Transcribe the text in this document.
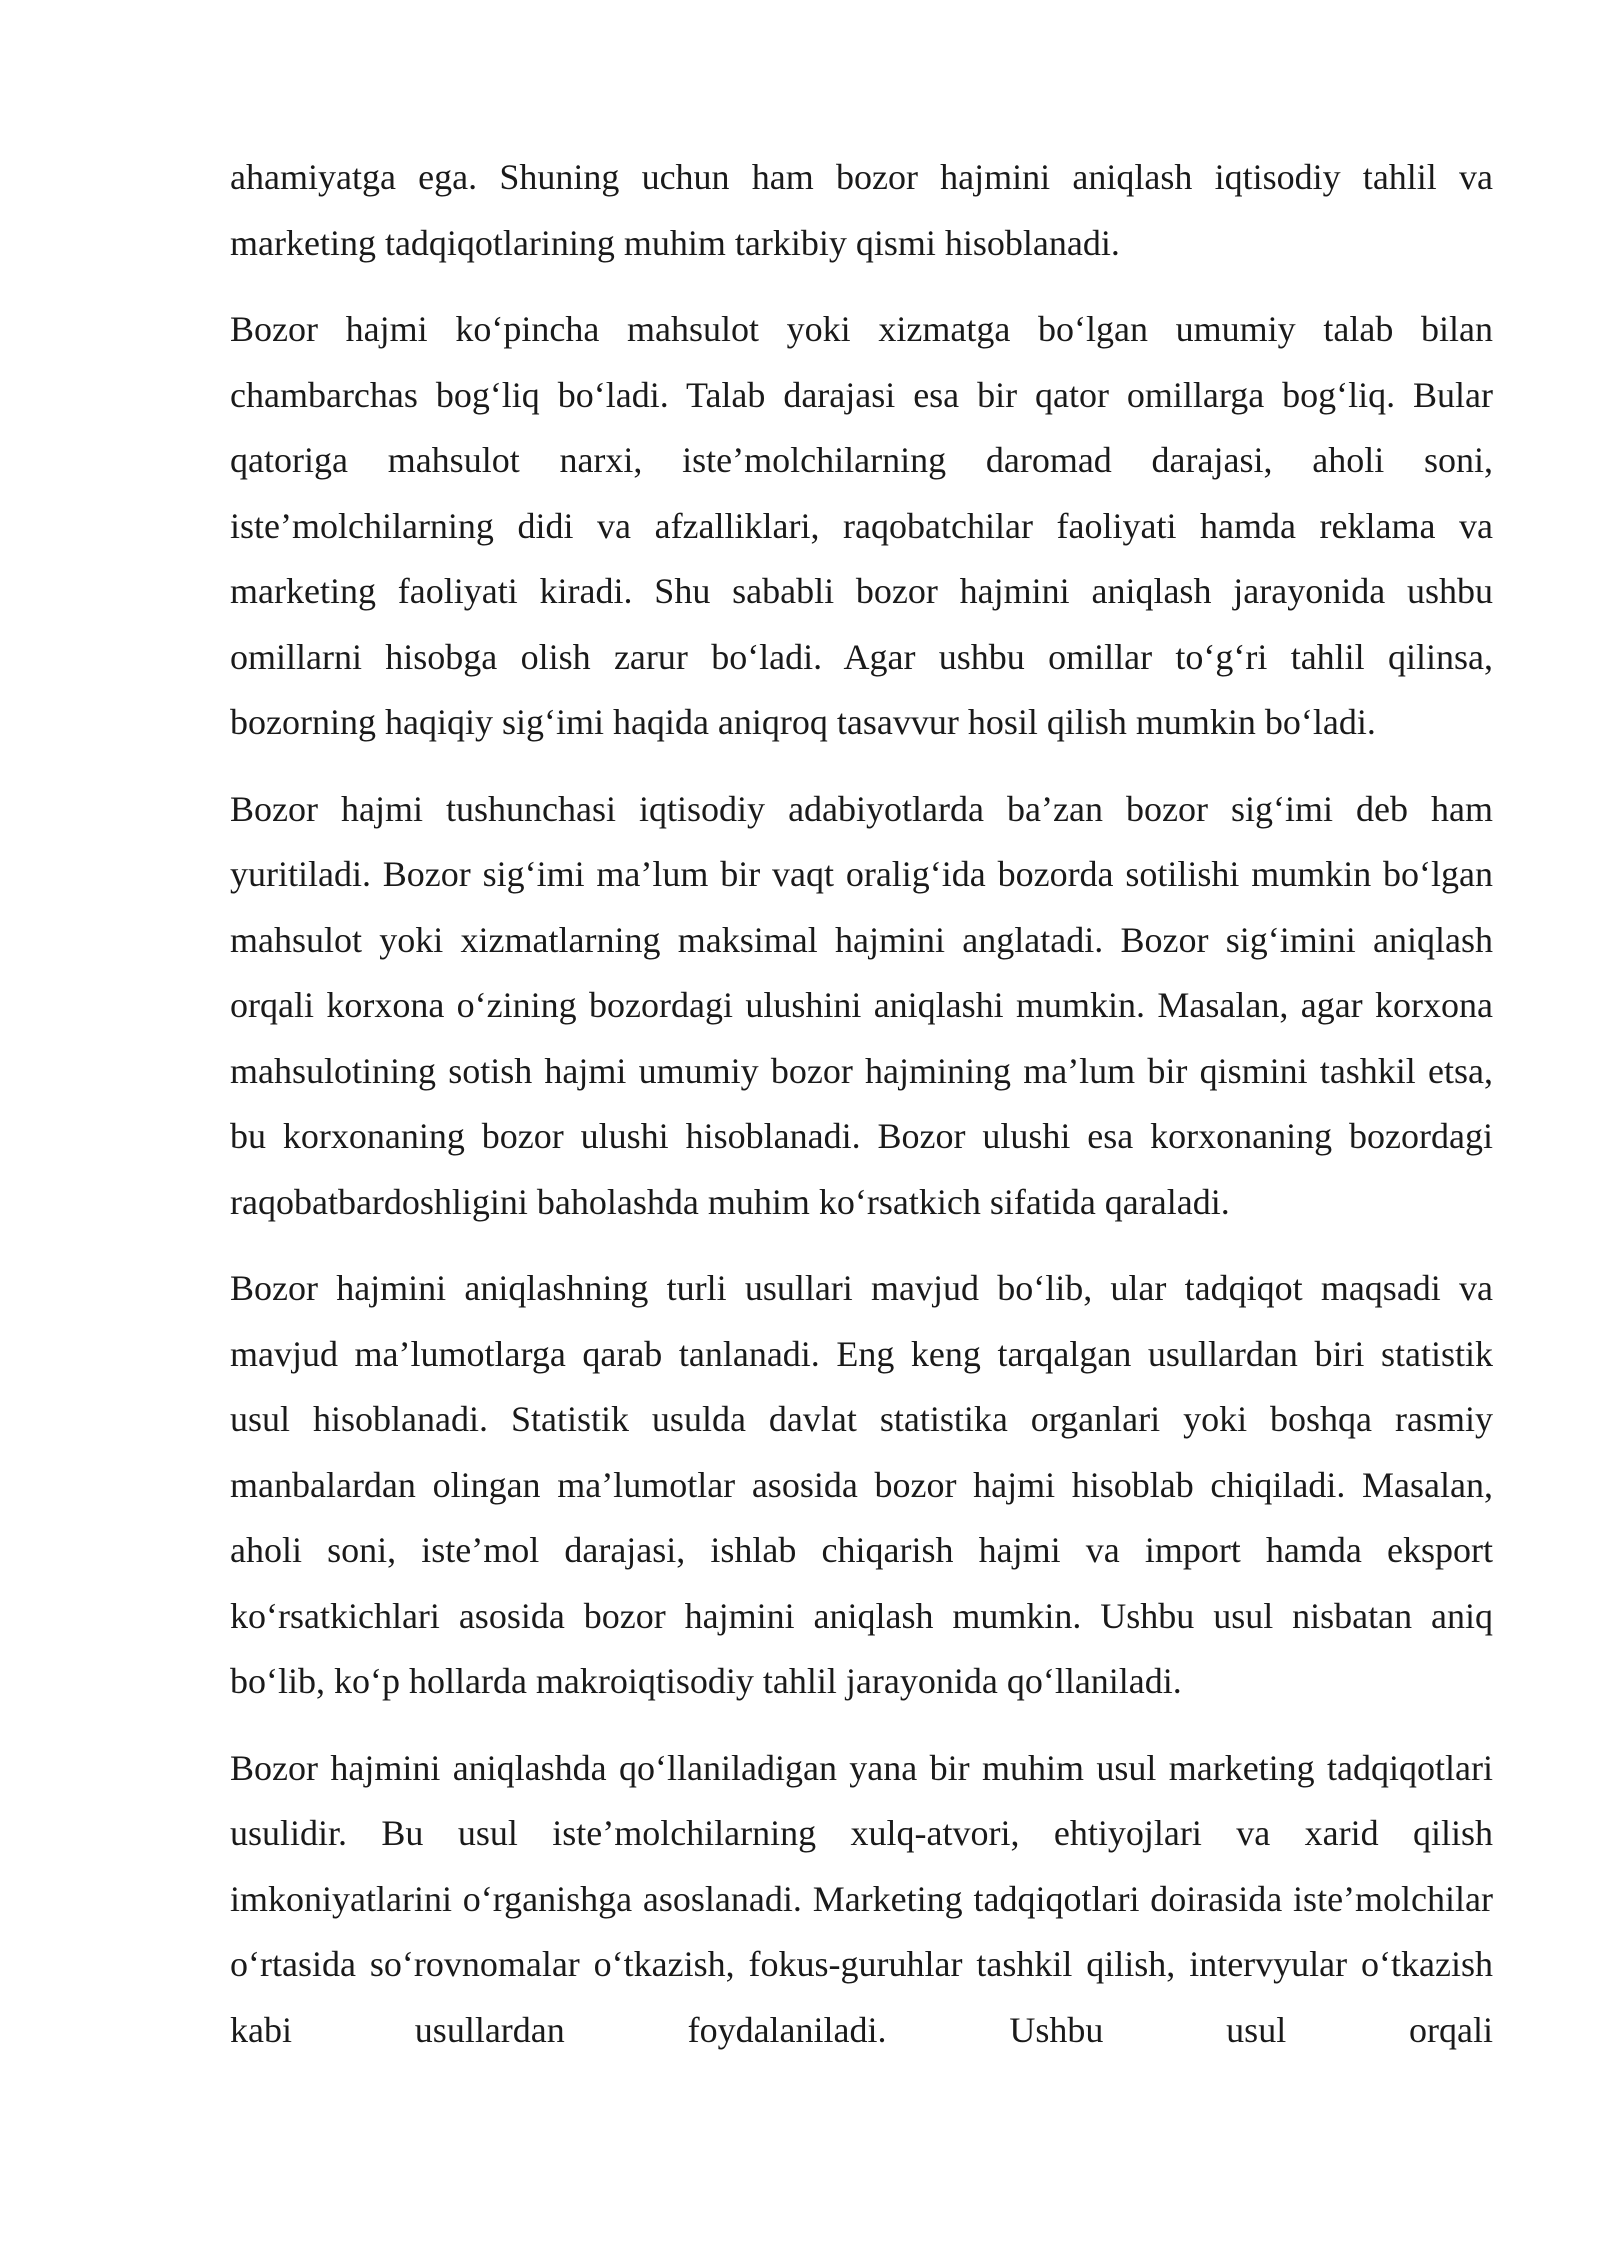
ahamiyatga ega. Shuning uchun ham bozor hajmini aniqlash iqtisodiy tahlil va marketing tadqiqotlarining muhim tarkibiy qismi hisoblanadi.

Bozor hajmi ko‘pincha mahsulot yoki xizmatga bo‘lgan umumiy talab bilan chambarchas bog‘liq bo‘ladi. Talab darajasi esa bir qator omillarga bog‘liq. Bular qatoriga mahsulot narxi, iste’molchilarning daromad darajasi, aholi soni, iste’molchilarning didi va afzalliklari, raqobatchilar faoliyati hamda reklama va marketing faoliyati kiradi. Shu sababli bozor hajmini aniqlash jarayonida ushbu omillarni hisobga olish zarur bo‘ladi. Agar ushbu omillar to‘g‘ri tahlil qilinsa, bozorning haqiqiy sig‘imi haqida aniqroq tasavvur hosil qilish mumkin bo‘ladi.

Bozor hajmi tushunchasi iqtisodiy adabiyotlarda ba’zan bozor sig‘imi deb ham yuritiladi. Bozor sig‘imi ma’lum bir vaqt oralig‘ida bozorda sotilishi mumkin bo‘lgan mahsulot yoki xizmatlarning maksimal hajmini anglatadi. Bozor sig‘imini aniqlash orqali korxona o‘zining bozordagi ulushini aniqlashi mumkin. Masalan, agar korxona mahsulotining sotish hajmi umumiy bozor hajmining ma’lum bir qismini tashkil etsa, bu korxonaning bozor ulushi hisoblanadi. Bozor ulushi esa korxonaning bozordagi raqobatbardoshligini baholashda muhim ko‘rsatkich sifatida qaraladi.

Bozor hajmini aniqlashning turli usullari mavjud bo‘lib, ular tadqiqot maqsadi va mavjud ma’lumotlarga qarab tanlanadi. Eng keng tarqalgan usullardan biri statistik usul hisoblanadi. Statistik usulda davlat statistika organlari yoki boshqa rasmiy manbalardan olingan ma’lumotlar asosida bozor hajmi hisoblab chiqiladi. Masalan, aholi soni, iste’mol darajasi, ishlab chiqarish hajmi va import hamda eksport ko‘rsatkichlari asosida bozor hajmini aniqlash mumkin. Ushbu usul nisbatan aniq bo‘lib, ko‘p hollarda makroiqtisodiy tahlil jarayonida qo‘llaniladi.

Bozor hajmini aniqlashda qo‘llaniladigan yana bir muhim usul marketing tadqiqotlari usulidir. Bu usul iste’molchilarning xulq-atvori, ehtiyojlari va xarid qilish imkoniyatlarini o‘rganishga asoslanadi. Marketing tadqiqotlari doirasida iste’molchilar o‘rtasida so‘rovnomalar o‘tkazish, fokus-guruhlar tashkil qilish, intervyular o‘tkazish kabi usullardan foydalaniladi. Ushbu usul orqali
